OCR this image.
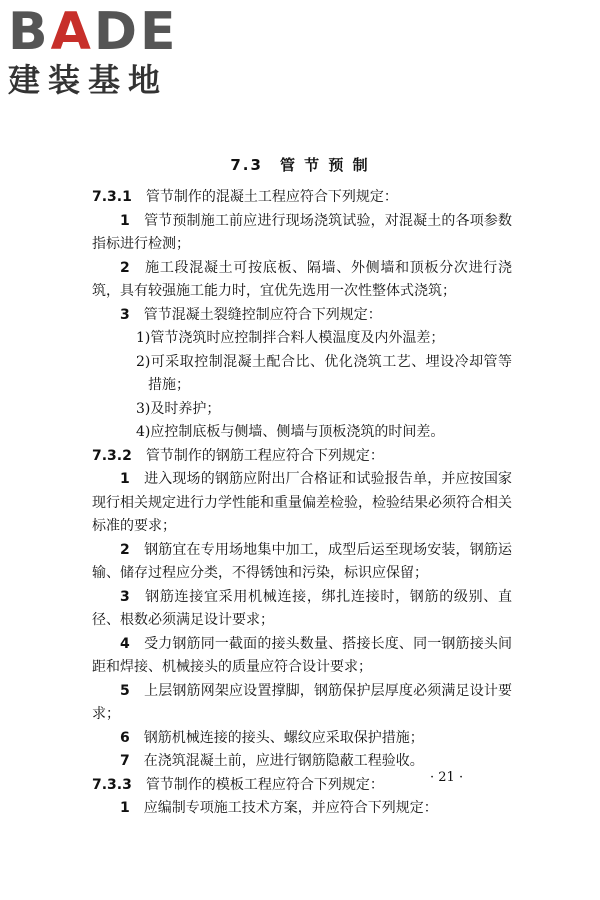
BADE
建装基地
7.3　管 节 预 制

7.3.1　 管节制作的混凝土工程应符合下列规定：

1　 管节预制施工前应进行现场浇筑试验，对混凝土的各项参数指标进行检测；

2　 施工段混凝土可按底板、隔墙、外侧墙和顶板分次进行浇筑，具有较强施工能力时，宜优先选用一次性整体式浇筑；

3　 管节混凝土裂缝控制应符合下列规定：

1)管节浇筑时应控制拌合料人模温度及内外温差；

2)可采取控制混凝土配合比、优化浇筑工艺、埋设冷却管等措施；

3)及时养护；

4)应控制底板与侧墙、侧墙与顶板浇筑的时间差。

7.3.2　 管节制作的钢筋工程应符合下列规定：

1　 进入现场的钢筋应附出厂合格证和试验报告单，并应按国家现行相关规定进行力学性能和重量偏差检验，检验结果必须符合相关标准的要求；

2　 钢筋宜在专用场地集中加工，成型后运至现场安装，钢筋运输、储存过程应分类，不得锈蚀和污染，标识应保留；

3　 钢筋连接宜采用机械连接，绑扎连接时，钢筋的级别、直径、根数必须满足设计要求；

4　 受力钢筋同一截面的接头数量、搭接长度、同一钢筋接头间距和焊接、机械接头的质量应符合设计要求；

5　 上层钢筋网架应设置撑脚，钢筋保护层厚度必须满足设计要求；

6　 钢筋机械连接的接头、螺纹应采取保护措施；

7　 在浇筑混凝土前，应进行钢筋隐蔽工程验收。

7.3.3　 管节制作的模板工程应符合下列规定：

1　 应编制专项施工技术方案，并应符合下列规定：

· 21 ·
